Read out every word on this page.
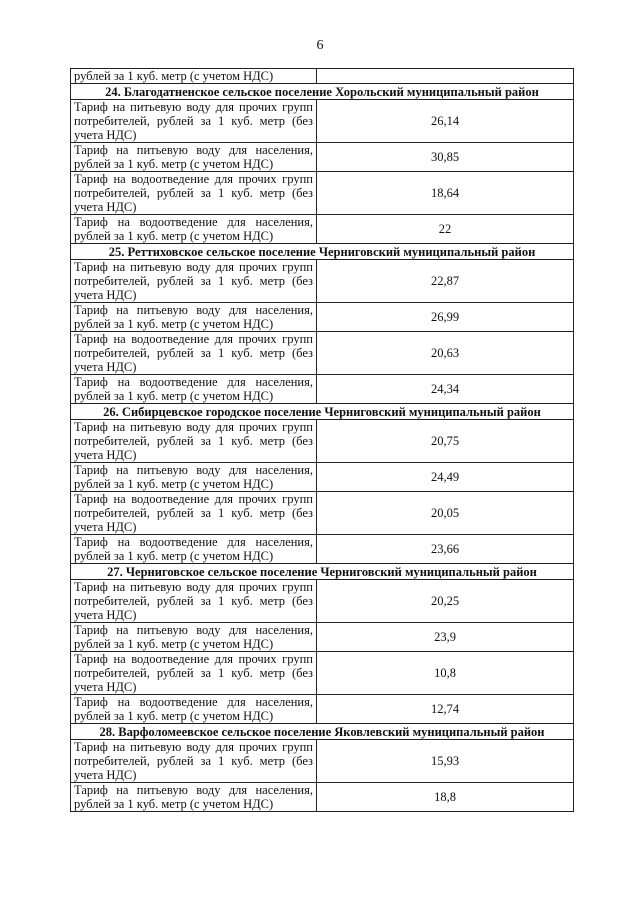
6
рублей за 1 куб. метр (с учетом НДС)	
24. Благодатненское сельское поселение Хорольский муниципальный район	
Тариф на питьевую воду для прочих групп потребителей, рублей за 1 куб. метр (без учета НДС)	26,14
Тариф на питьевую воду для населения, рублей за 1 куб. метр (с учетом НДС)	30,85
Тариф на водоотведение для прочих групп потребителей, рублей за 1 куб. метр (без учета НДС)	18,64
Тариф на водоотведение для населения, рублей за 1 куб. метр (с учетом НДС)	22
25. Реттиховское сельское поселение Черниговский муниципальный район	
Тариф на питьевую воду для прочих групп потребителей, рублей за 1 куб. метр (без учета НДС)	22,87
Тариф на питьевую воду для населения, рублей за 1 куб. метр (с учетом НДС)	26,99
Тариф на водоотведение для прочих групп потребителей, рублей за 1 куб. метр (без учета НДС)	20,63
Тариф на водоотведение для населения, рублей за 1 куб. метр (с учетом НДС)	24,34
26. Сибирцевское городское поселение Черниговский муниципальный район	
Тариф на питьевую воду для прочих групп потребителей, рублей за 1 куб. метр (без учета НДС)	20,75
Тариф на питьевую воду для населения, рублей за 1 куб. метр (с учетом НДС)	24,49
Тариф на водоотведение для прочих групп потребителей, рублей за 1 куб. метр (без учета НДС)	20,05
Тариф на водоотведение для населения, рублей за 1 куб. метр (с учетом НДС)	23,66
27. Черниговское сельское поселение Черниговский муниципальный район	
Тариф на питьевую воду для прочих групп потребителей, рублей за 1 куб. метр (без учета НДС)	20,25
Тариф на питьевую воду для населения, рублей за 1 куб. метр (с учетом НДС)	23,9
Тариф на водоотведение для прочих групп потребителей, рублей за 1 куб. метр (без учета НДС)	10,8
Тариф на водоотведение для населения, рублей за 1 куб. метр (с учетом НДС)	12,74
28. Варфоломеевское сельское поселение Яковлевский муниципальный район	
Тариф на питьевую воду для прочих групп потребителей, рублей за 1 куб. метр (без учета НДС)	15,93
Тариф на питьевую воду для населения, рублей за 1 куб. метр (с учетом НДС)	18,8
